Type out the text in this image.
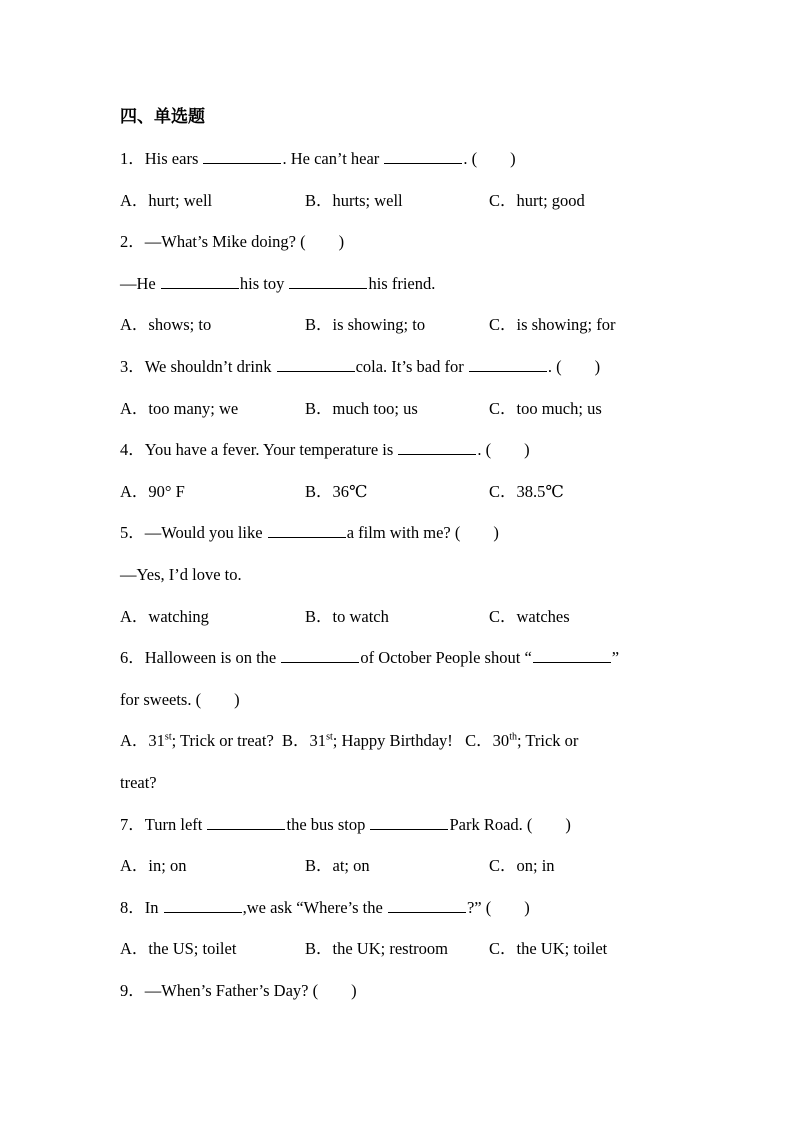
四、单选题
1．His ears	. He can’t hear	. (　　)
A．hurt; well	B．hurts; well	C．hurt; good
2．—What’s Mike doing? (　　)
—He	his toy	his friend.
A．shows; to	B．is showing; to	C．is showing; for
3．We shouldn’t drink	cola. It’s bad for	. (　　)
A．too many; we	B．much too; us	C．too much; us
4．You have a fever. Your temperature is	. (　　)
A．90° F	B．36℃	C．38.5℃
5．—Would you like	a film with me? (　　)
—Yes, I’d love to.
A．watching	B．to watch	C．watches
6．Halloween is on the	of October People shout “	”
for sweets. (　　)
A．31st; Trick or treat? B．31st; Happy Birthday! C．30th; Trick or
treat?
7．Turn left	the bus stop	Park Road. (　　)
A．in; on	B．at; on	C．on; in
8．In	,we ask “Where’s the	?” (　　)
A．the US; toilet	B．the UK; restroom C．the UK; toilet
9．—When’s Father’s Day? (　　)
